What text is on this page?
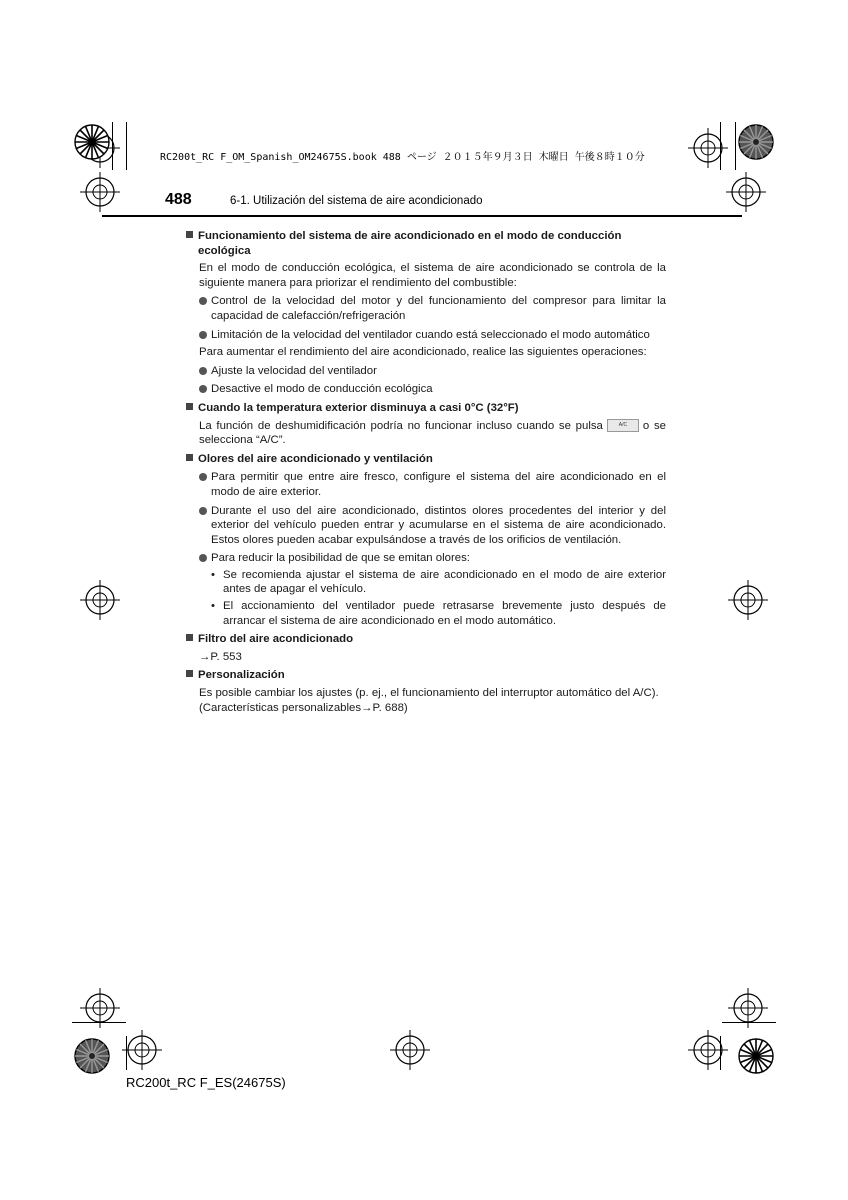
RC200t_RC F_OM_Spanish_OM24675S.book 488 ページ ２０１５年９月３日 木曜日 午後８時１０分
488	6-1. Utilización del sistema de aire acondicionado
Funcionamiento del sistema de aire acondicionado en el modo de conducción ecológica
En el modo de conducción ecológica, el sistema de aire acondicionado se controla de la siguiente manera para priorizar el rendimiento del combustible:
Control de la velocidad del motor y del funcionamiento del compresor para limitar la capacidad de calefacción/refrigeración
Limitación de la velocidad del ventilador cuando está seleccionado el modo automático
Para aumentar el rendimiento del aire acondicionado, realice las siguientes operaciones:
Ajuste la velocidad del ventilador
Desactive el modo de conducción ecológica
Cuando la temperatura exterior disminuya a casi 0°C (32°F)
La función de deshumidificación podría no funcionar incluso cuando se pulsa	A/C o se selecciona “A/C”.
Olores del aire acondicionado y ventilación
Para permitir que entre aire fresco, configure el sistema del aire acondicionado en el modo de aire exterior.
Durante el uso del aire acondicionado, distintos olores procedentes del interior y del exterior del vehículo pueden entrar y acumularse en el sistema de aire acondicionado. Estos olores pueden acabar expulsándose a través de los orificios de ventilación.
Para reducir la posibilidad de que se emitan olores:
• Se recomienda ajustar el sistema de aire acondicionado en el modo de aire exterior antes de apagar el vehículo.
• El accionamiento del ventilador puede retrasarse brevemente justo después de arrancar el sistema de aire acondicionado en el modo automático.
Filtro del aire acondicionado
→P. 553
Personalización
Es posible cambiar los ajustes (p. ej., el funcionamiento del interruptor automático del A/C).
(Características personalizables→P. 688)
RC200t_RC F_ES(24675S)
